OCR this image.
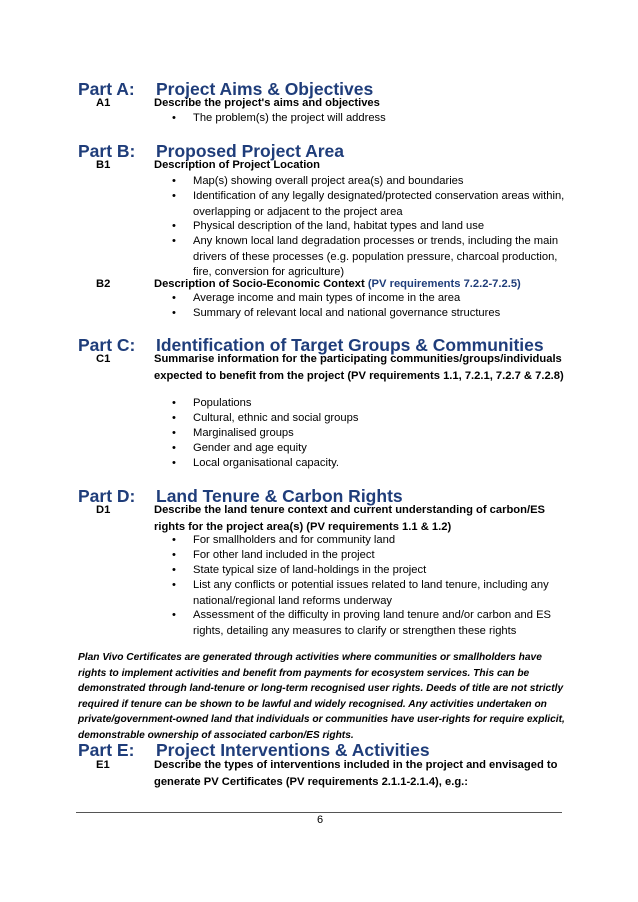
Part A: Project Aims & Objectives
A1	Describe the project's aims and objectives
• The problem(s) the project will address
Part B: Proposed Project Area
B1	Description of Project Location
• Map(s) showing overall project area(s) and boundaries
• Identification of any legally designated/protected conservation areas within, overlapping or adjacent to the project area
• Physical description of the land, habitat types and land use
• Any known local land degradation processes or trends, including the main drivers of these processes (e.g. population pressure, charcoal production, fire, conversion for agriculture)
B2	Description of Socio-Economic Context (PV requirements 7.2.2-7.2.5)
• Average income and main types of income in the area
• Summary of relevant local and national governance structures
Part C: Identification of Target Groups & Communities
C1	Summarise information for the participating communities/groups/individuals expected to benefit from the project (PV requirements 1.1, 7.2.1, 7.2.7 & 7.2.8)
• Populations
• Cultural, ethnic and social groups
• Marginalised groups
• Gender and age equity
• Local organisational capacity.
Part D: Land Tenure & Carbon Rights
D1	Describe the land tenure context and current understanding of carbon/ES rights for the project area(s) (PV requirements 1.1 & 1.2)
• For smallholders and for community land
• For other land included in the project
• State typical size of land-holdings in the project
• List any conflicts or potential issues related to land tenure, including any national/regional land reforms underway
• Assessment of the difficulty in proving land tenure and/or carbon and ES rights, detailing any measures to clarify or strengthen these rights
Plan Vivo Certificates are generated through activities where communities or smallholders have rights to implement activities and benefit from payments for ecosystem services. This can be demonstrated through land-tenure or long-term recognised user rights. Deeds of title are not strictly required if tenure can be shown to be lawful and widely recognised. Any activities undertaken on private/government-owned land that individuals or communities have user-rights for require explicit, demonstrable ownership of associated carbon/ES rights.
Part E: Project Interventions & Activities
E1	Describe the types of interventions included in the project and envisaged to generate PV Certificates (PV requirements 2.1.1-2.1.4), e.g.:
6
